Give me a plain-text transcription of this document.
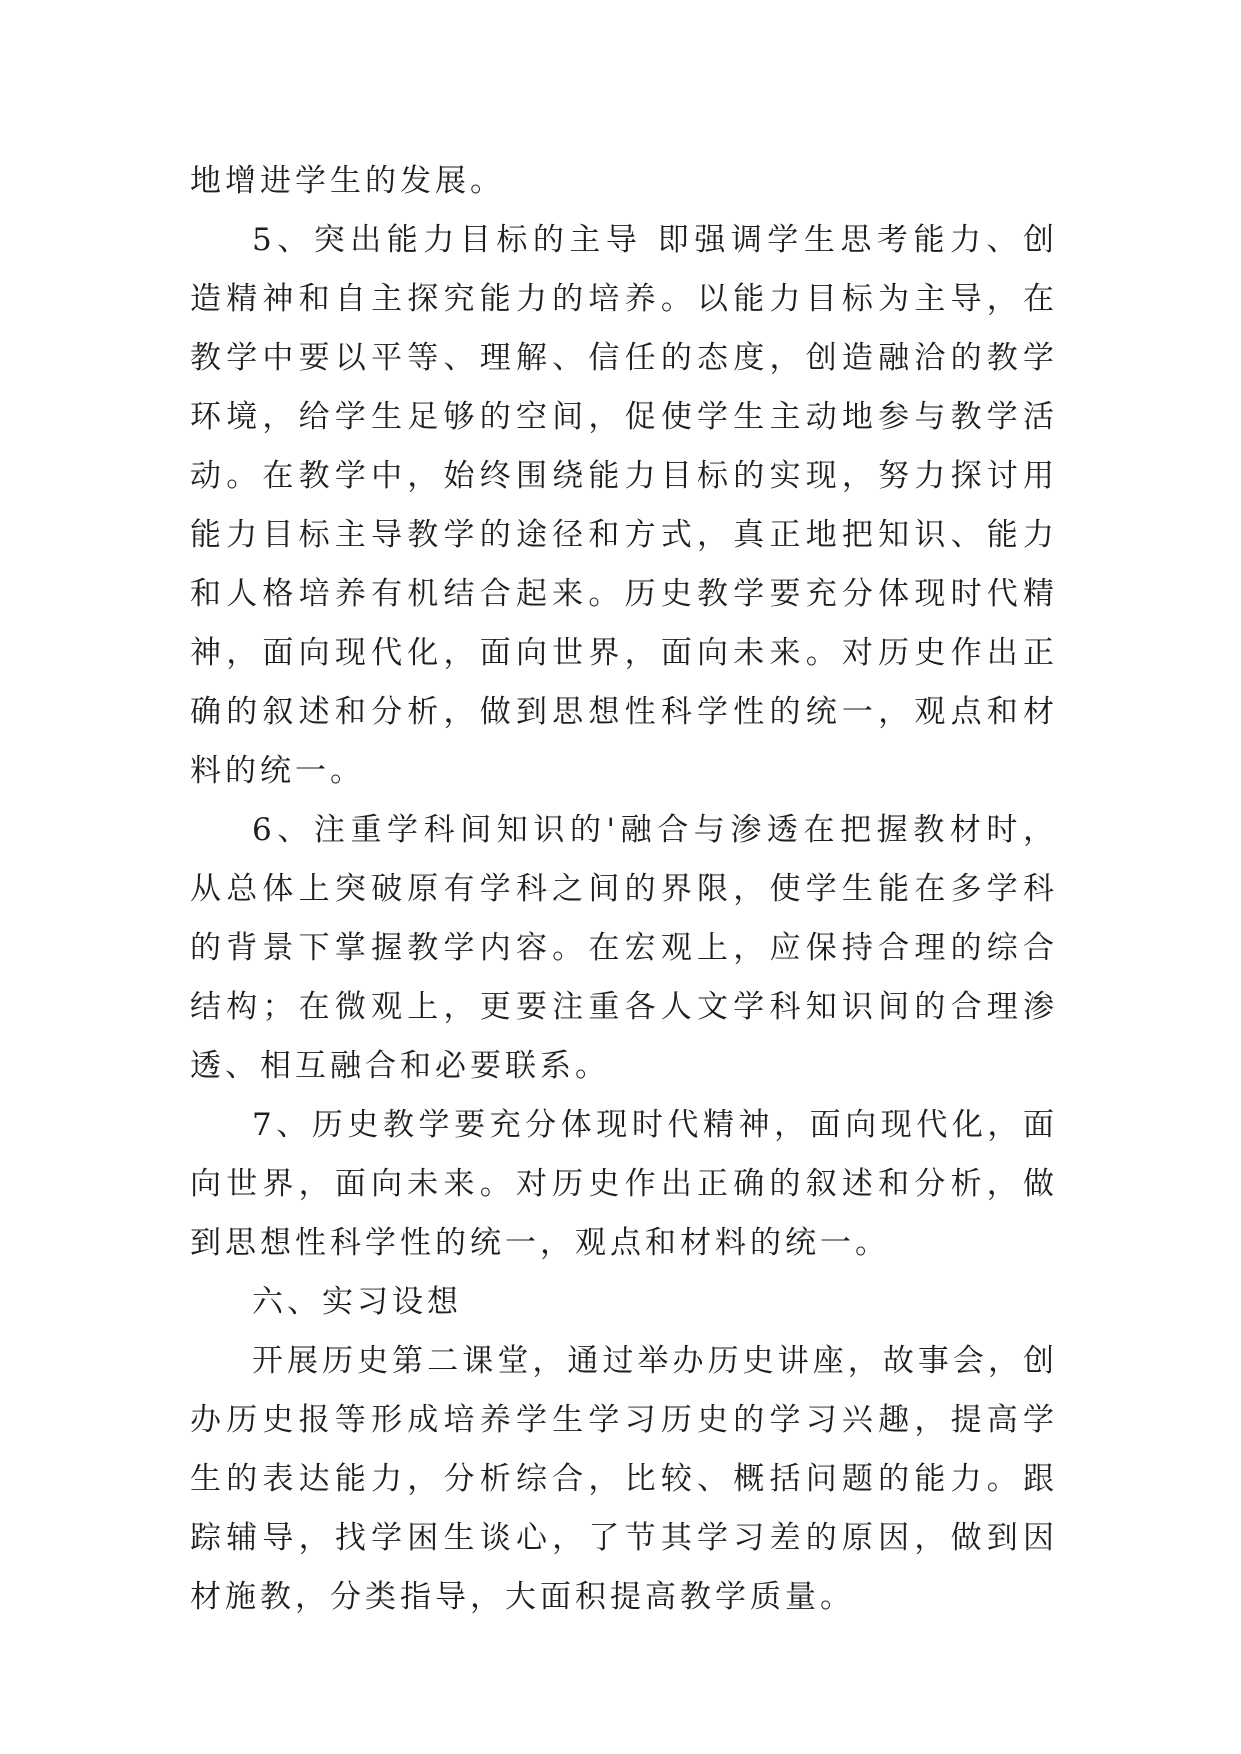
地增进学生的发展。

5、突出能力目标的主导 即强调学生思考能力、创造精神和自主探究能力的培养。以能力目标为主导，在教学中要以平等、理解、信任的态度，创造融洽的教学环境，给学生足够的空间，促使学生主动地参与教学活动。在教学中，始终围绕能力目标的实现，努力探讨用能力目标主导教学的途径和方式，真正地把知识、能力和人格培养有机结合起来。历史教学要充分体现时代精神，面向现代化，面向世界，面向未来。对历史作出正确的叙述和分析，做到思想性科学性的统一，观点和材料的统一。

6、注重学科间知识的'融合与渗透在把握教材时，从总体上突破原有学科之间的界限，使学生能在多学科的背景下掌握教学内容。在宏观上，应保持合理的综合结构；在微观上，更要注重各人文学科知识间的合理渗透、相互融合和必要联系。

7、历史教学要充分体现时代精神，面向现代化，面向世界，面向未来。对历史作出正确的叙述和分析，做到思想性科学性的统一，观点和材料的统一。

六、实习设想

开展历史第二课堂，通过举办历史讲座，故事会，创办历史报等形成培养学生学习历史的学习兴趣，提高学生的表达能力，分析综合，比较、概括问题的能力。跟踪辅导，找学困生谈心，了节其学习差的原因，做到因材施教，分类指导，大面积提高教学质量。
